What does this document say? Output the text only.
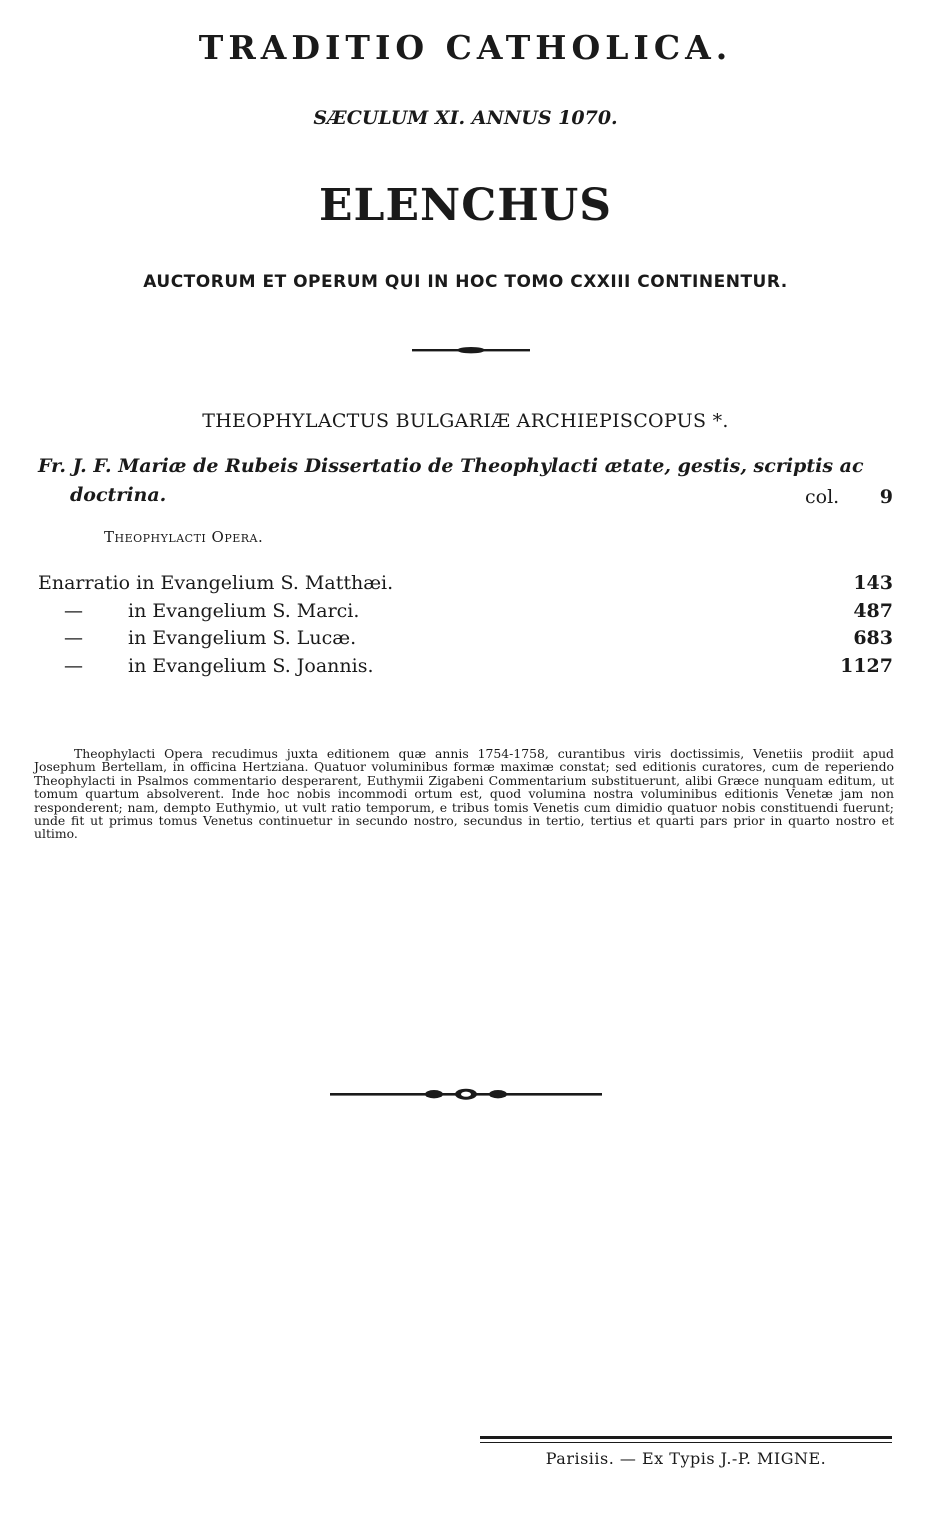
TRADITIO CATHOLICA.
SÆCULUM XI. ANNUS 1070.
ELENCHUS
AUCTORUM ET OPERUM QUI IN HOC TOMO CXXIII CONTINENTUR.
THEOPHYLACTUS BULGARIÆ ARCHIEPISCOPUS *.
Fr. J. F. Mariæ de Rubeis Dissertatio de Theophylacti ætate, gestis, scriptis ac
doctrina.	col. 9
Theophylacti Opera.
Enarratio in Evangelium S. Matthæi.	143
— in Evangelium S. Marci.	487
— in Evangelium S. Lucæ.	683
— in Evangelium S. Joannis.	1127
Theophylacti Opera recudimus juxta editionem quæ annis 1754-1758, curantibus viris doctissimis, Venetiis prodiit apud Josephum Bertellam, in officina Hertziana. Quatuor voluminibus formæ maximæ constat; sed editionis curatores, cum de reperiendo Theophylacti in Psalmos commentario desperarent, Euthymii Zigabeni Commentarium substituerunt, alibi Græce nunquam editum, ut tomum quartum absolverent. Inde hoc nobis incommodi ortum est, quod volumina nostra voluminibus editionis Venetæ jam non responderent; nam, dempto Euthymio, ut vult ratio temporum, e tribus tomis Venetis cum dimidio quatuor nobis constituendi fuerunt; unde fit ut primus tomus Venetus continuetur in secundo nostro, secundus in tertio, tertius et quarti pars prior in quarto nostro et ultimo.
Parisiis. — Ex Typis J.-P. MIGNE.
